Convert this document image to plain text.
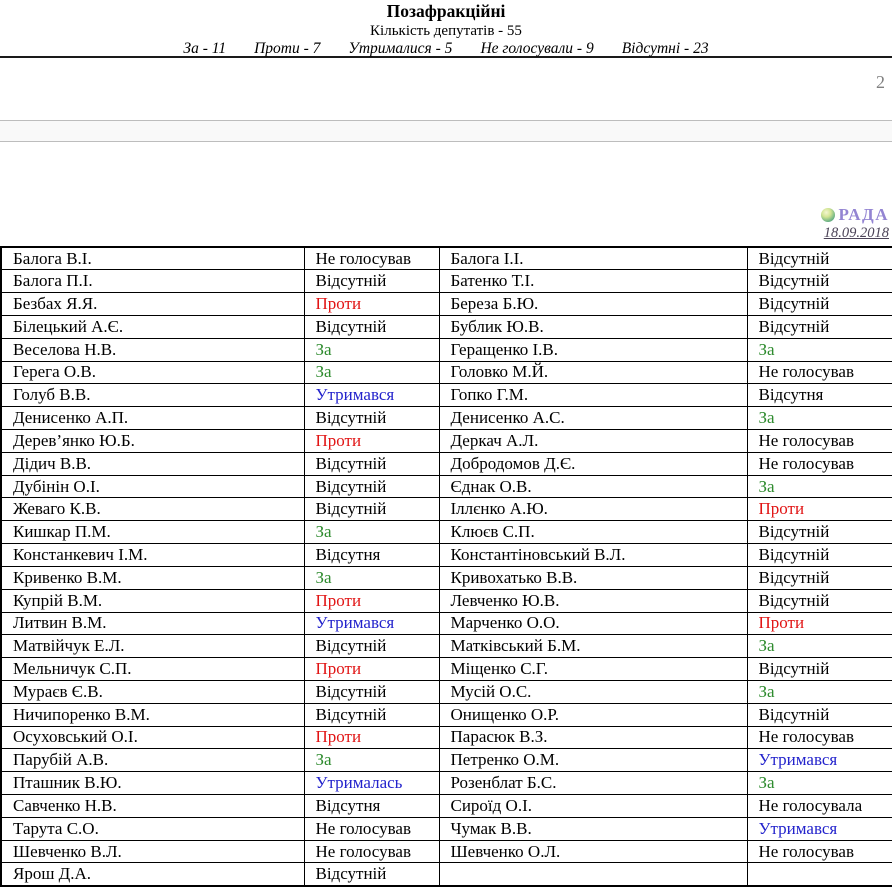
Позафракційні
Кількість депутатів - 55
За - 11 Проти - 7 Утрималися - 5 Не голосували - 9 Відсутні - 23
2
РАДА
18.09.2018
Балога В.І.	Не голосував	Балога І.І.	Відсутній
Балога П.І.	Відсутній	Батенко Т.І.	Відсутній
Безбах Я.Я.	Проти	Береза Б.Ю.	Відсутній
Білецький А.Є.	Відсутній	Бублик Ю.В.	Відсутній
Веселова Н.В.	За	Геращенко І.В.	За
Герега О.В.	За	Головко М.Й.	Не голосував
Голуб В.В.	Утримався	Гопко Г.М.	Відсутня
Денисенко А.П.	Відсутній	Денисенко А.С.	За
Дерев’янко Ю.Б.	Проти	Деркач А.Л.	Не голосував
Дідич В.В.	Відсутній	Добродомов Д.Є.	Не голосував
Дубінін О.І.	Відсутній	Єднак О.В.	За
Жеваго К.В.	Відсутній	Іллєнко А.Ю.	Проти
Кишкар П.М.	За	Клюєв С.П.	Відсутній
Констанкевич І.М.	Відсутня	Константіновський В.Л.	Відсутній
Кривенко В.М.	За	Кривохатько В.В.	Відсутній
Купрій В.М.	Проти	Левченко Ю.В.	Відсутній
Литвин В.М.	Утримався	Марченко О.О.	Проти
Матвійчук Е.Л.	Відсутній	Матківський Б.М.	За
Мельничук С.П.	Проти	Міщенко С.Г.	Відсутній
Мураєв Є.В.	Відсутній	Мусій О.С.	За
Ничипоренко В.М.	Відсутній	Онищенко О.Р.	Відсутній
Осуховський О.І.	Проти	Парасюк В.З.	Не голосував
Парубій А.В.	За	Петренко О.М.	Утримався
Пташник В.Ю.	Утрималась	Розенблат Б.С.	За
Савченко Н.В.	Відсутня	Сироїд О.І.	Не голосувала
Тарута С.О.	Не голосував	Чумак В.В.	Утримався
Шевченко В.Л.	Не голосував	Шевченко О.Л.	Не голосував
Ярош Д.А.	Відсутній		
